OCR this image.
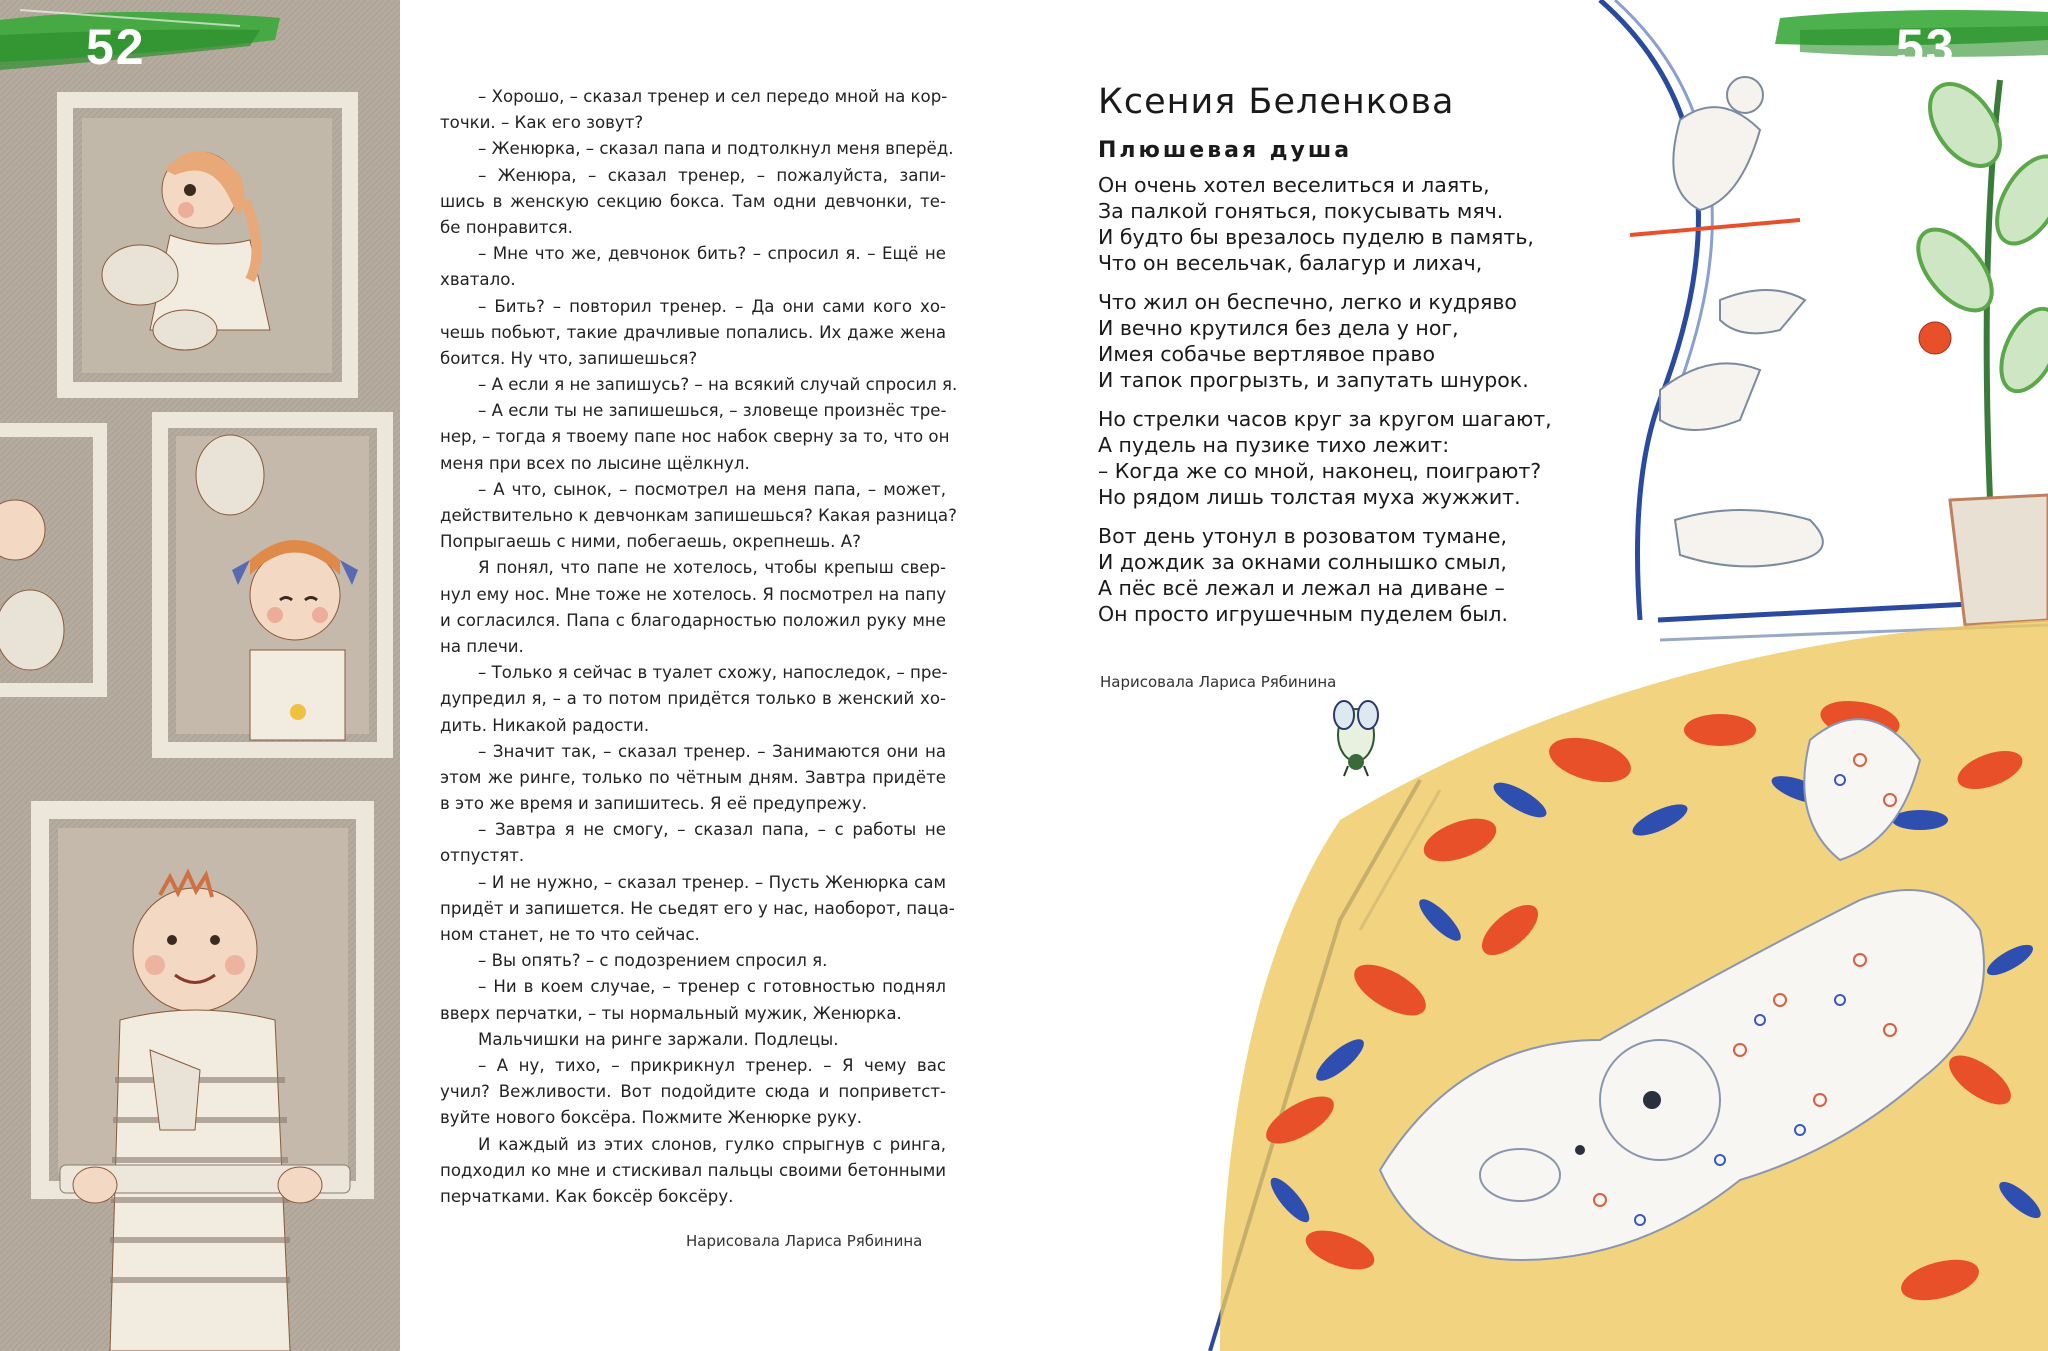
52
– Хорошо, – сказал тренер и сел передо мной на кор-
точки. – Как его зовут?
– Женюрка, – сказал папа и подтолкнул меня вперёд.
– Женюра, – сказал тренер, – пожалуйста, запи-
шись в женскую секцию бокса. Там одни девчонки, те-
бе понравится.
– Мне что же, девчонок бить? – спросил я. – Ещё не
хватало.
– Бить? – повторил тренер. – Да они сами кого хо-
чешь побьют, такие драчливые попались. Их даже жена
боится. Ну что, запишешься?
– А если я не запишусь? – на всякий случай спросил я.
– А если ты не запишешься, – зловеще произнёс тре-
нер, – тогда я твоему папе нос набок сверну за то, что он
меня при всех по лысине щёлкнул.
– А что, сынок, – посмотрел на меня папа, – может,
действительно к девчонкам запишешься? Какая разница?
Попрыгаешь с ними, побегаешь, окрепнешь. А?
Я понял, что папе не хотелось, чтобы крепыш свер-
нул ему нос. Мне тоже не хотелось. Я посмотрел на папу
и согласился. Папа с благодарностью положил руку мне
на плечи.
– Только я сейчас в туалет схожу, напоследок, – пре-
дупредил я, – а то потом придётся только в женский хо-
дить. Никакой радости.
– Значит так, – сказал тренер. – Занимаются они на
этом же ринге, только по чётным дням. Завтра придёте
в это же время и запишитесь. Я её предупрежу.
– Завтра я не смогу, – сказал папа, – с работы не
отпустят.
– И не нужно, – сказал тренер. – Пусть Женюрка сам
придёт и запишется. Не сьедят его у нас, наоборот, паца-
ном станет, не то что сейчас.
– Вы опять? – с подозрением спросил я.
– Ни в коем случае, – тренер с готовностью поднял
вверх перчатки, – ты нормальный мужик, Женюрка.
Мальчишки на ринге заржали. Подлецы.
– А ну, тихо, – прикрикнул тренер. – Я чему вас
учил? Вежливости. Вот подойдите сюда и поприветст-
вуйте нового боксёра. Пожмите Женюрке руку.
И каждый из этих слонов, гулко спрыгнув с ринга,
подходил ко мне и стискивал пальцы своими бетонными
перчатками. Как боксёр боксёру.
Нарисовала Лариса Рябинина
53
Ксения Беленкова
Плюшевая душа
Он очень хотел веселиться и лаять,
За палкой гоняться, покусывать мяч.
И будто бы врезалось пуделю в память,
Что он весельчак, балагур и лихач,
Что жил он беспечно, легко и кудряво
И вечно крутился без дела у ног,
Имея собачье вертлявое право
И тапок прогрызть, и запутать шнурок.
Но стрелки часов круг за кругом шагают,
А пудель на пузике тихо лежит:
– Когда же со мной, наконец, поиграют?
Но рядом лишь толстая муха жужжит.
Вот день утонул в розоватом тумане,
И дождик за окнами солнышко смыл,
А пёс всё лежал и лежал на диване –
Он просто игрушечным пуделем был.
Нарисовала Лариса Рябинина
